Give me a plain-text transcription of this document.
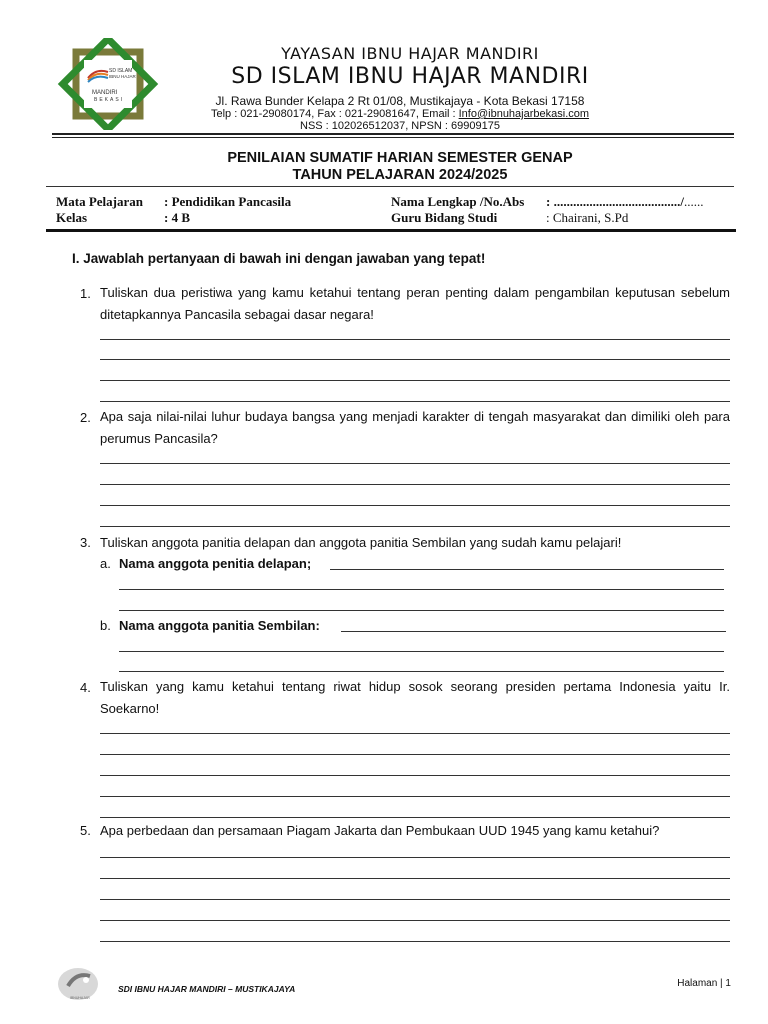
SD ISLAM
IBNU HAJAR
MANDIRI
BEKASI
YAYASAN IBNU HAJAR MANDIRI
SD ISLAM IBNU HAJAR MANDIRI
Jl. Rawa Bunder Kelapa 2 Rt 01/08, Mustikajaya - Kota Bekasi 17158
Telp : 021-29080174, Fax : 021-29081647, Email : Info@ibnuhajarbekasi.com
NSS : 102026512037, NPSN : 69909175
PENILAIAN SUMATIF HARIAN SEMESTER GENAP
TAHUN PELAJARAN 2024/2025
Mata Pelajaran : Pendidikan Pancasila
Kelas	: 4 B
Nama Lengkap /No.Abs : ......................................./......
Guru Bidang Studi	: Chairani, S.Pd
I. Jawablah pertanyaan di bawah ini dengan jawaban yang tepat!
1. Tuliskan dua peristiwa yang kamu ketahui tentang peran penting dalam pengambilan keputusan sebelum ditetapkannya Pancasila sebagai dasar negara!
2. Apa saja nilai-nilai luhur budaya bangsa yang menjadi karakter di tengah masyarakat dan dimiliki oleh para perumus Pancasila?
3. Tuliskan anggota panitia delapan dan anggota panitia Sembilan yang sudah kamu pelajari!
a. Nama anggota penitia delapan;
b. Nama anggota panitia Sembilan:
4. Tuliskan yang kamu ketahui tentang riwat hidup sosok seorang presiden pertama Indonesia yaitu Ir. Soekarno!
5. Apa perbedaan dan persamaan Piagam Jakarta dan Pembukaan UUD 1945 yang kamu ketahui?
IBNUHAJAR
SDI IBNU HAJAR MANDIRI – MUSTIKAJAYA	Halaman | 1
